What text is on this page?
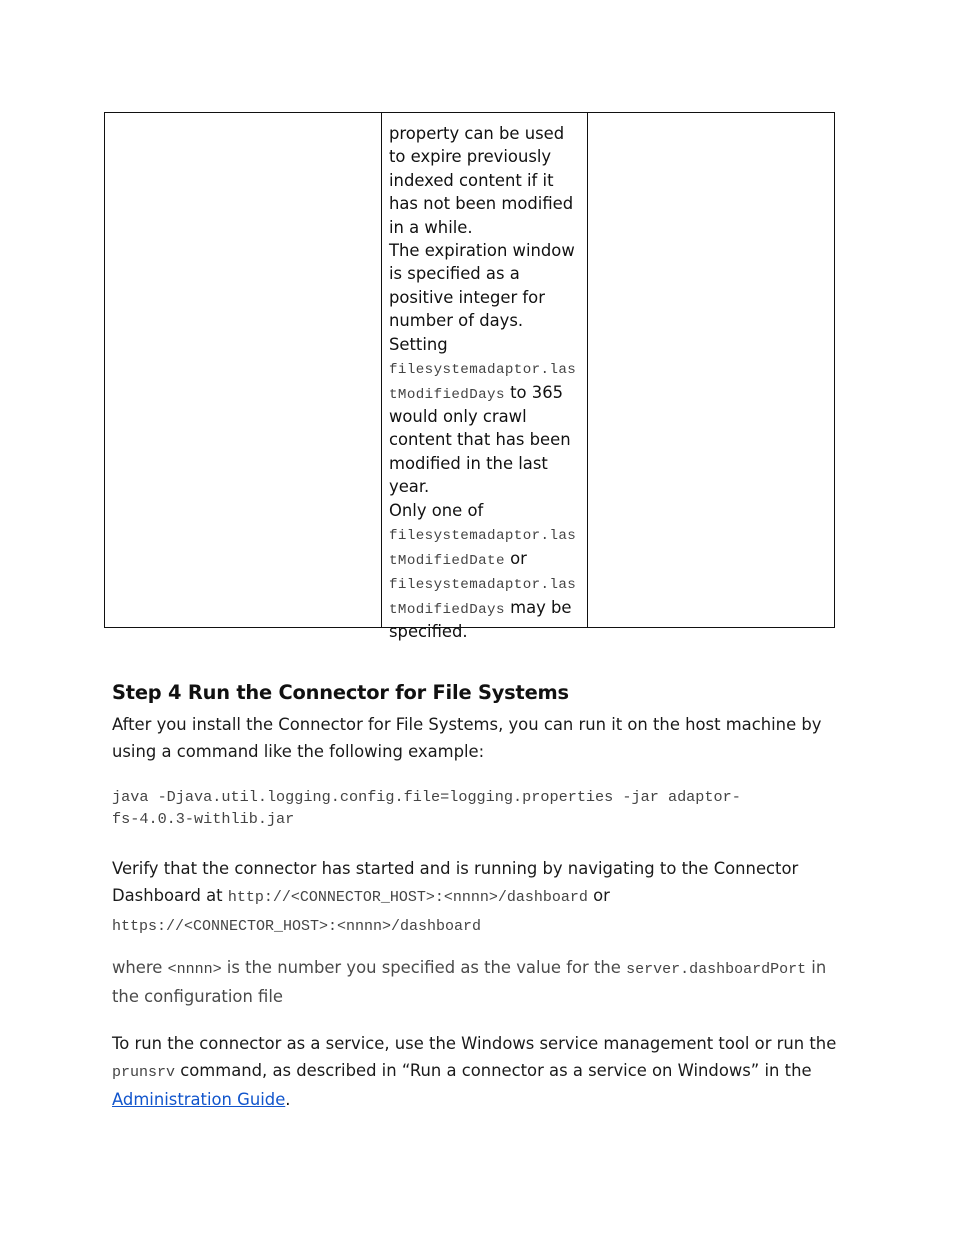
property can be used to expire previously indexed content if it has not been modified in a while.

The expiration window is specified as a positive integer for number of days.

Setting
filesystemadaptor.lastModifiedDays to 365 would only crawl content that has been modified in the last year.

Only one of
filesystemadaptor.lastModifiedDate or
filesystemadaptor.lastModifiedDays may be specified.

Step 4 Run the Connector for File Systems

After you install the Connector for File Systems, you can run it on the host machine by using a command like the following example:

java -Djava.util.logging.config.file=logging.properties -jar adaptor-
fs-4.0.3-withlib.jar

Verify that the connector has started and is running by navigating to the Connector Dashboard at http://<CONNECTOR_HOST>:<nnnn>/dashboard or
https://<CONNECTOR_HOST>:<nnnn>/dashboard

where <nnnn> is the number you specified as the value for the server.dashboardPort in the configuration file

To run the connector as a service, use the Windows service management tool or run the prunsrv command, as described in “Run a connector as a service on Windows” in the Administration Guide.
